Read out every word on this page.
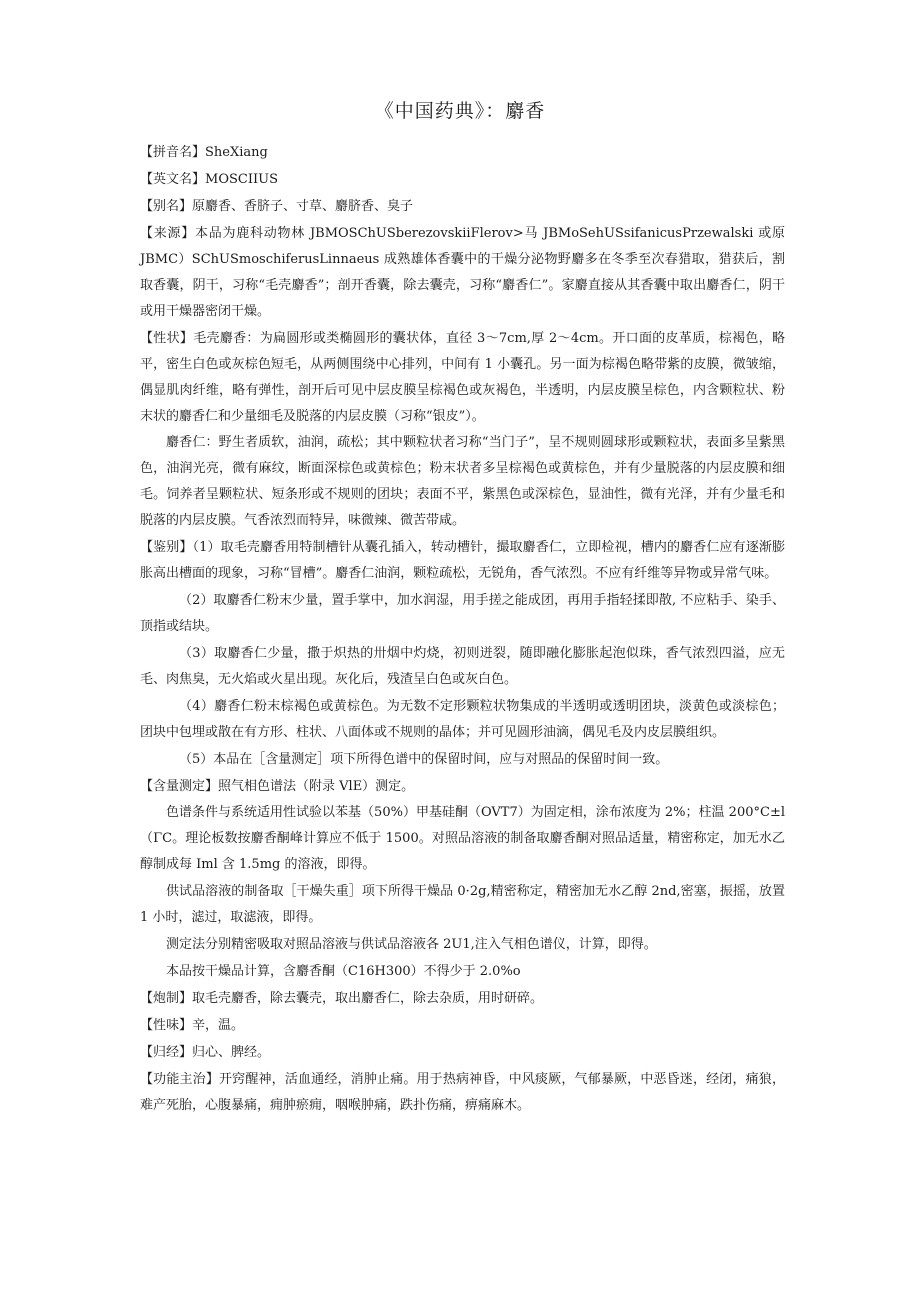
《中国药典》：麝香

【拼音名】SheXiang

【英文名】MOSCIIUS

【别名】原麝香、香脐子、寸草、麝脐香、臭子

【来源】本品为鹿科动物林 JBMOSChUSberezovskiiFlerov>马 JBMoSehUSsifanicusPrzewalski 或原 JBMC）SChUSmoschiferusLinnaeus 成熟雄体香囊中的干燥分泌物野麝多在冬季至次春猎取，猎获后，割取香囊，阴干，习称“毛壳麝香”；剖开香囊，除去囊壳，习称“麝香仁”。家麝直接从其香囊中取出麝香仁，阴干或用干燥器密闭干燥。

【性状】毛壳麝香：为扁圆形或类椭圆形的囊状体，直径 3～7cm,厚 2～4cm。开口面的皮革质，棕褐色，略平，密生白色或灰棕色短毛，从两侧围绕中心排列，中间有 1 小囊孔。另一面为棕褐色略带紫的皮膜，微皱缩，偶显肌肉纤维，略有弹性，剖开后可见中层皮膜呈棕褐色或灰褐色，半透明，内层皮膜呈棕色，内含颗粒状、粉末状的麝香仁和少量细毛及脱落的内层皮膜（习称“银皮”）。

麝香仁：野生者质软，油润，疏松；其中颗粒状者习称“当门子”，呈不规则圆球形或颗粒状，表面多呈紫黑色，油润光亮，微有麻纹，断面深棕色或黄棕色；粉末状者多呈棕褐色或黄棕色，并有少量脱落的内层皮膜和细毛。饲养者呈颗粒状、短条形或不规则的团块；表面不平，紫黑色或深棕色，显油性，微有光泽，并有少量毛和脱落的内层皮膜。气香浓烈而特异，味微辣、微苦带咸。

【鉴别】（1）取毛壳麝香用特制槽针从囊孔插入，转动槽针，撮取麝香仁，立即检视，槽内的麝香仁应有逐渐膨胀高出槽面的现象，习称“冒槽”。麝香仁油润，颗粒疏松，无锐角，香气浓烈。不应有纤维等异物或异常气味。

（2）取麝香仁粉末少量，置手掌中，加水润湿，用手搓之能成团，再用手指轻揉即散, 不应粘手、染手、顶指或结块。

（3）取麝香仁少量，撒于炽热的卅烟中灼烧，初则迸裂，随即融化膨胀起泡似珠，香气浓烈四溢，应无毛、肉焦臭，无火焰或火星出现。灰化后，残渣呈白色或灰白色。

（4）麝香仁粉末棕褐色或黄棕色。为无数不定形颗粒状物集成的半透明或透明团块，淡黄色或淡棕色；团块中包埋或散在有方形、柱状、八面体或不规则的晶体；并可见圆形油滴，偶见毛及内皮层膜组织。

（5）本品在［含量测定］项下所得色谱中的保留时间，应与对照品的保留时间一致。

【含量测定】照气相色谱法（附录 VlE）测定。

色谱条件与系统适用性试验以苯基（50%）甲基硅酮（OVT7）为固定相，涂布浓度为 2%；柱温 200°C±l（ΓC。理论板数按麝香酮峰计算应不低于 1500。对照品溶液的制备取麝香酮对照品适量，精密称定，加无水乙醇制成每 Iml 含 1.5mg 的溶液，即得。

供试品溶液的制备取［干燥失重］项下所得干燥品 0·2g,精密称定，精密加无水乙醇 2nd,密塞，振摇，放置 1 小时，滤过，取滤液，即得。

测定法分别精密吸取对照品溶液与供试品溶液各 2U1,注入气相色谱仪，计算，即得。

本品按干燥品计算，含麝香酮（C16H300）不得少于 2.0%o

【炮制】取毛壳麝香，除去囊壳，取出麝香仁，除去杂质，用时研碎。

【性味】辛，温。

【归经】归心、脾经。

【功能主治】开窍醒神，活血通经，消肿止痛。用于热病神昏，中风痰厥，气郁暴厥，中恶昏迷，经闭，痛狼，难产死胎，心腹暴痛，痈肿瘀痈，咽喉肿痛，跌扑伤痛，痹痛麻木。
